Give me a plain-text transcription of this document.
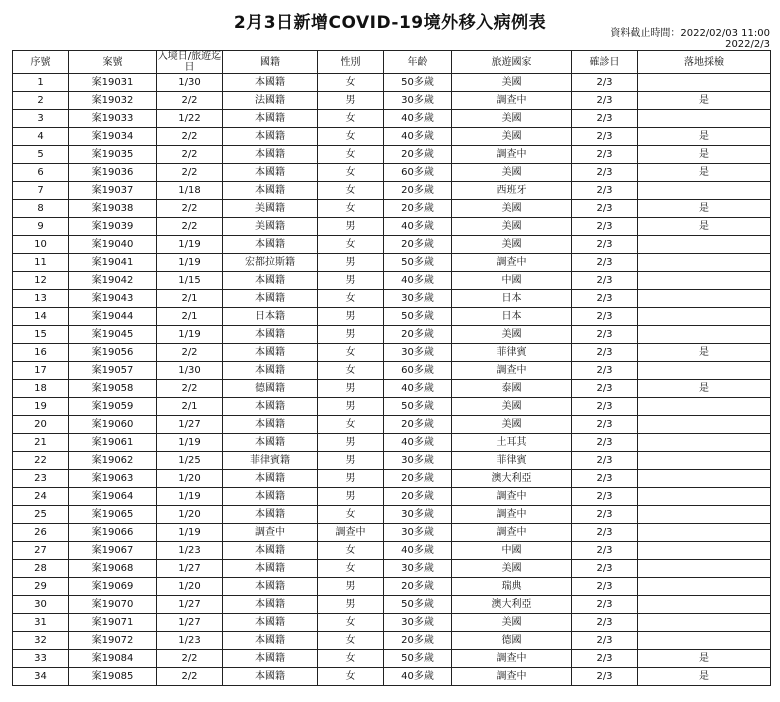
2月3日新增COVID-19境外移入病例表
資料截止時間：2022/02/03 11:00
2022/2/3
序號	案號	入境日/旅遊迄日	國籍	性別	年齡	旅遊國家	確診日	落地採檢
1	案19031	1/30	本國籍	女	50多歲	美國	2/3	
2	案19032	2/2	法國籍	男	30多歲	調查中	2/3	是
3	案19033	1/22	本國籍	女	40多歲	美國	2/3	
4	案19034	2/2	本國籍	女	40多歲	美國	2/3	是
5	案19035	2/2	本國籍	女	20多歲	調查中	2/3	是
6	案19036	2/2	本國籍	女	60多歲	美國	2/3	是
7	案19037	1/18	本國籍	女	20多歲	西班牙	2/3	
8	案19038	2/2	美國籍	女	20多歲	美國	2/3	是
9	案19039	2/2	美國籍	男	40多歲	美國	2/3	是
10	案19040	1/19	本國籍	女	20多歲	美國	2/3	
11	案19041	1/19	宏都拉斯籍	男	50多歲	調查中	2/3	
12	案19042	1/15	本國籍	男	40多歲	中國	2/3	
13	案19043	2/1	本國籍	女	30多歲	日本	2/3	
14	案19044	2/1	日本籍	男	50多歲	日本	2/3	
15	案19045	1/19	本國籍	男	20多歲	美國	2/3	
16	案19056	2/2	本國籍	女	30多歲	菲律賓	2/3	是
17	案19057	1/30	本國籍	女	60多歲	調查中	2/3	
18	案19058	2/2	德國籍	男	40多歲	泰國	2/3	是
19	案19059	2/1	本國籍	男	50多歲	美國	2/3	
20	案19060	1/27	本國籍	女	20多歲	美國	2/3	
21	案19061	1/19	本國籍	男	40多歲	土耳其	2/3	
22	案19062	1/25	菲律賓籍	男	30多歲	菲律賓	2/3	
23	案19063	1/20	本國籍	男	20多歲	澳大利亞	2/3	
24	案19064	1/19	本國籍	男	20多歲	調查中	2/3	
25	案19065	1/20	本國籍	女	30多歲	調查中	2/3	
26	案19066	1/19	調查中	調查中	30多歲	調查中	2/3	
27	案19067	1/23	本國籍	女	40多歲	中國	2/3	
28	案19068	1/27	本國籍	女	30多歲	美國	2/3	
29	案19069	1/20	本國籍	男	20多歲	瑞典	2/3	
30	案19070	1/27	本國籍	男	50多歲	澳大利亞	2/3	
31	案19071	1/27	本國籍	女	30多歲	美國	2/3	
32	案19072	1/23	本國籍	女	20多歲	德國	2/3	
33	案19084	2/2	本國籍	女	50多歲	調查中	2/3	是
34	案19085	2/2	本國籍	女	40多歲	調查中	2/3	是
